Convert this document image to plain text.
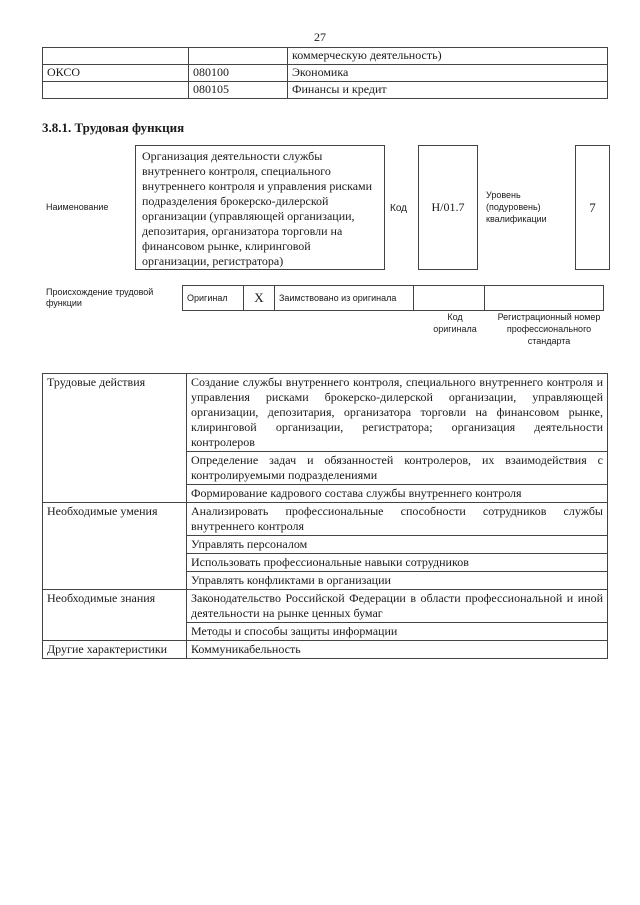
27
		коммерческую деятельность)
ОКСО	080100	Экономика
	080105	Финансы и кредит
3.8.1. Трудовая функция
Наименование
Организация деятельности службы внутреннего контроля, специального внутреннего контроля и управления рисками подразделения брокерско-дилерской организации (управляющей организации, депозитария, организатора торговли на финансовом рынке, клиринговой организации, регистратора)
Код	Н/01.7
Уровень (подуровень) квалификации
7
Происхождение трудовой функции	Оригинал	X	Заимствовано из оригинала		
Код оригинала
Регистрационный номер профессионального стандарта
Трудовые действия	Создание службы внутреннего контроля, специального внутреннего контроля и управления рисками брокерско-дилерской организации, управляющей организации, депозитария, организатора торговли на финансовом рынке, клиринговой организации, регистратора; организация деятельности контролеров
	Определение задач и обязанностей контролеров, их взаимодействия с контролируемыми подразделениями
	Формирование кадрового состава службы внутреннего контроля
Необходимые умения	Анализировать профессиональные способности сотрудников службы внутреннего контроля
	Управлять персоналом
	Использовать профессиональные навыки сотрудников
	Управлять конфликтами в организации
Необходимые знания	Законодательство Российской Федерации в области профессиональной и иной деятельности на рынке ценных бумаг
	Методы и способы защиты информации
Другие характеристики	Коммуникабельность
